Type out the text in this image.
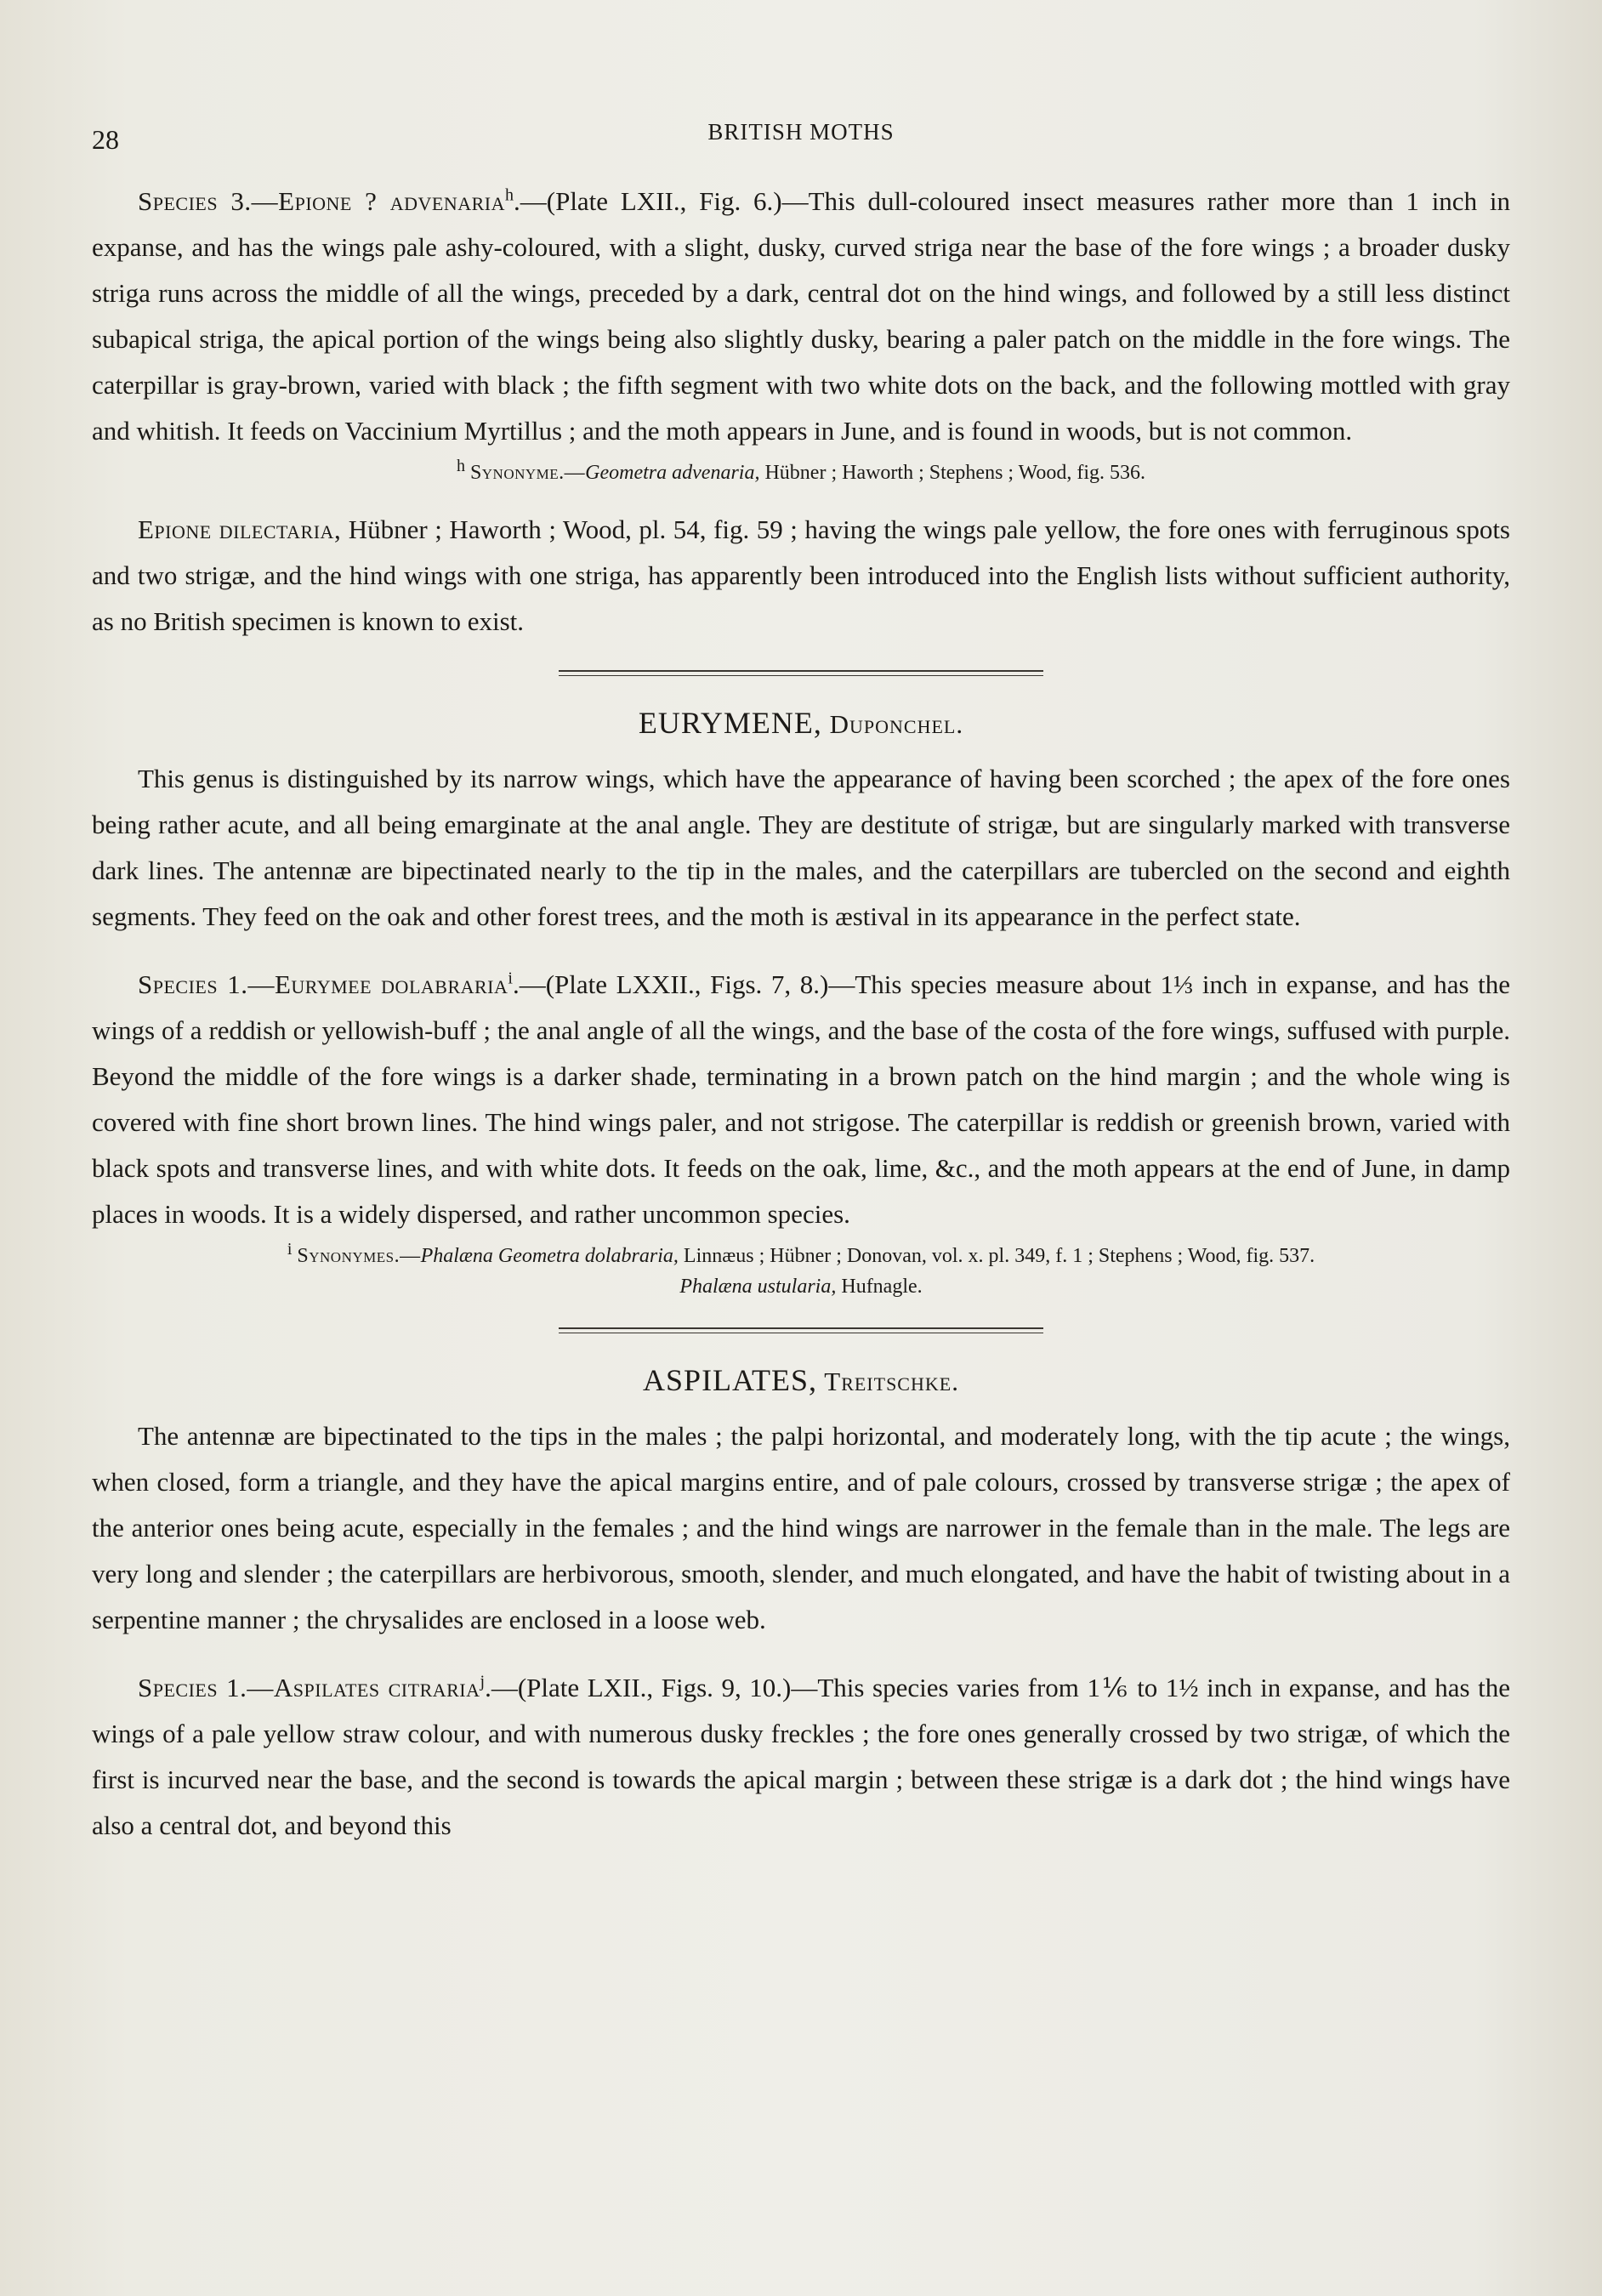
28	BRITISH MOTHS

Species 3.—Epione ? advenaria$^h$.—(Plate LXII., Fig. 6.)—This dull-coloured insect measures rather more than 1 inch in expanse, and has the wings pale ashy-coloured, with a slight, dusky, curved striga near the base of the fore wings ; a broader dusky striga runs across the middle of all the wings, preceded by a dark, central dot on the hind wings, and followed by a still less distinct subapical striga, the apical portion of the wings being also slightly dusky, bearing a paler patch on the middle in the fore wings. The caterpillar is gray-brown, varied with black ; the fifth segment with two white dots on the back, and the following mottled with gray and whitish. It feeds on Vaccinium Myrtillus ; and the moth appears in June, and is found in woods, but is not common.

$^h$ Synonyme.—Geometra advenaria, Hübner ; Haworth ; Stephens ; Wood, fig. 536.

Epione dilectaria, Hübner ; Haworth ; Wood, pl. 54, fig. 59 ; having the wings pale yellow, the fore ones with ferruginous spots and two strigæ, and the hind wings with one striga, has apparently been introduced into the English lists without sufficient authority, as no British specimen is known to exist.

EURYMENE, Duponchel.

This genus is distinguished by its narrow wings, which have the appearance of having been scorched ; the apex of the fore ones being rather acute, and all being emarginate at the anal angle. They are destitute of strigæ, but are singularly marked with transverse dark lines. The antennæ are bipectinated nearly to the tip in the males, and the caterpillars are tubercled on the second and eighth segments. They feed on the oak and other forest trees, and the moth is æstival in its appearance in the perfect state.

Species 1.—Eurymee dolabraria$^i$.—(Plate LXXII., Figs. 7, 8.)—This species measure about 1⅓ inch in expanse, and has the wings of a reddish or yellowish-buff ; the anal angle of all the wings, and the base of the costa of the fore wings, suffused with purple. Beyond the middle of the fore wings is a darker shade, terminating in a brown patch on the hind margin ; and the whole wing is covered with fine short brown lines. The hind wings paler, and not strigose. The caterpillar is reddish or greenish brown, varied with black spots and transverse lines, and with white dots. It feeds on the oak, lime, &c., and the moth appears at the end of June, in damp places in woods. It is a widely dispersed, and rather uncommon species.

$^i$ Synonymes.—Phalæna Geometra dolabraria, Linnæus ; Hübner ; Donovan, vol. x. pl. 349, f. 1 ; Stephens ; Wood, fig. 537.
Phalæna ustularia, Hufnagle.
ASPILATES, Treitschke.

The antennæ are bipectinated to the tips in the males ; the palpi horizontal, and moderately long, with the tip acute ; the wings, when closed, form a triangle, and they have the apical margins entire, and of pale colours, crossed by transverse strigæ ; the apex of the anterior ones being acute, especially in the females ; and the hind wings are narrower in the female than in the male. The legs are very long and slender ; the caterpillars are herbivorous, smooth, slender, and much elongated, and have the habit of twisting about in a serpentine manner ; the chrysalides are enclosed in a loose web.

Species 1.—Aspilates citraria$^j$.—(Plate LXII., Figs. 9, 10.)—This species varies from 1⅙ to 1½ inch in expanse, and has the wings of a pale yellow straw colour, and with numerous dusky freckles ; the fore ones generally crossed by two strigæ, of which the first is incurved near the base, and the second is towards the apical margin ; between these strigæ is a dark dot ; the hind wings have also a central dot, and beyond this
